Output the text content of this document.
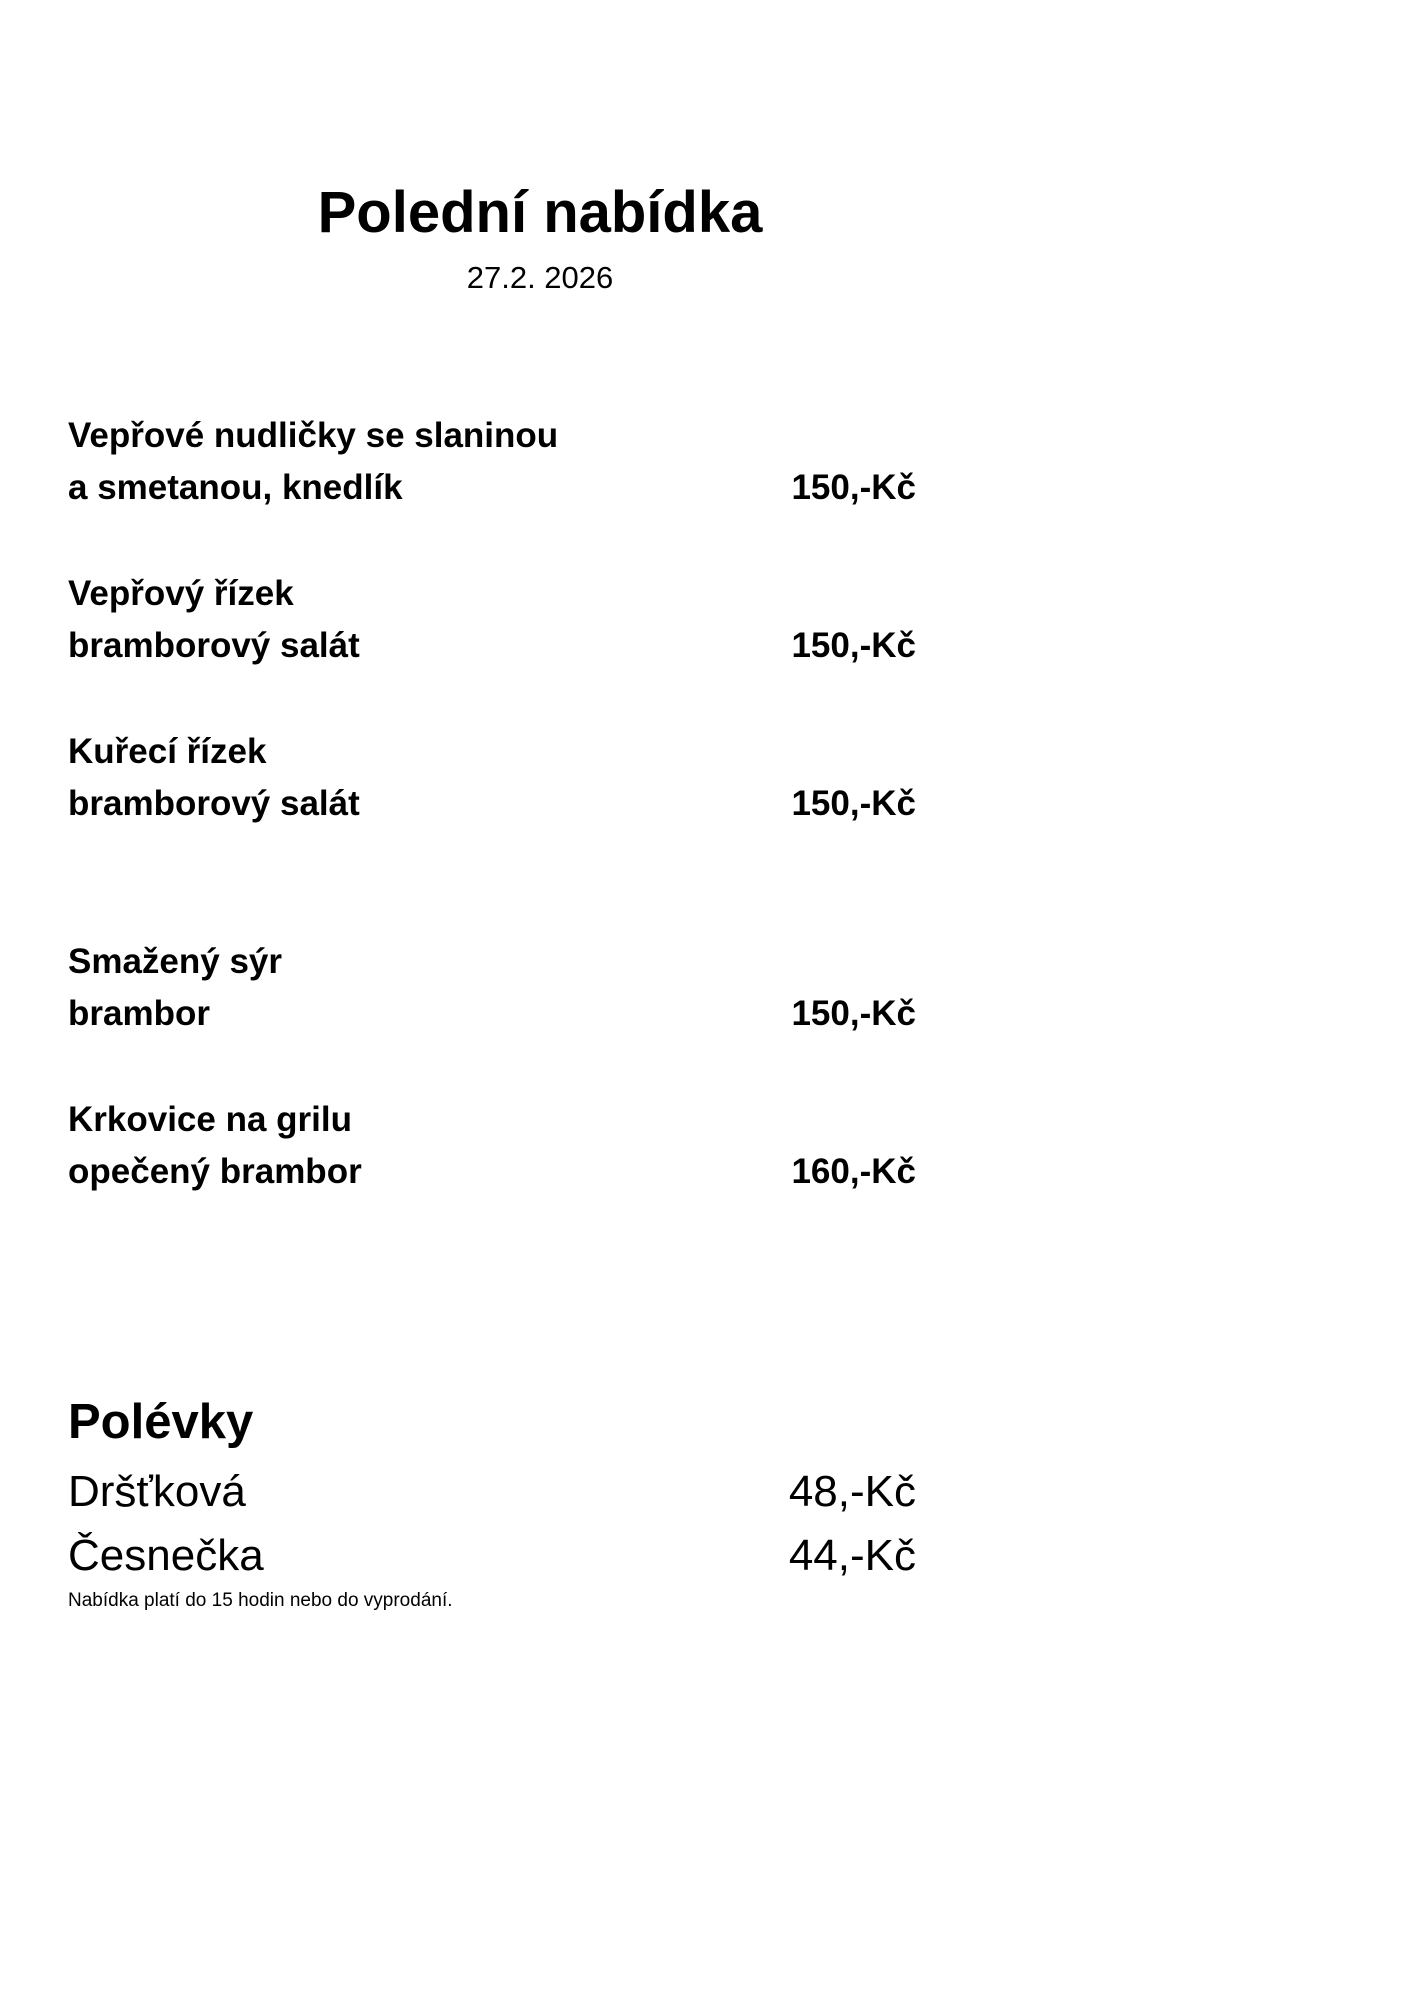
Polední nabídka
27.2. 2026
Vepřové nudličky se slaninou
a smetanou, knedlík	150,-Kč
Vepřový řízek
bramborový salát	150,-Kč
Kuřecí řízek
bramborový salát	150,-Kč
Smažený sýr
brambor	150,-Kč
Krkovice na grilu
opečený brambor	160,-Kč
Polévky
Dršťková	48,-Kč
Česnečka	44,-Kč
Nabídka platí do 15 hodin nebo do vyprodání.
